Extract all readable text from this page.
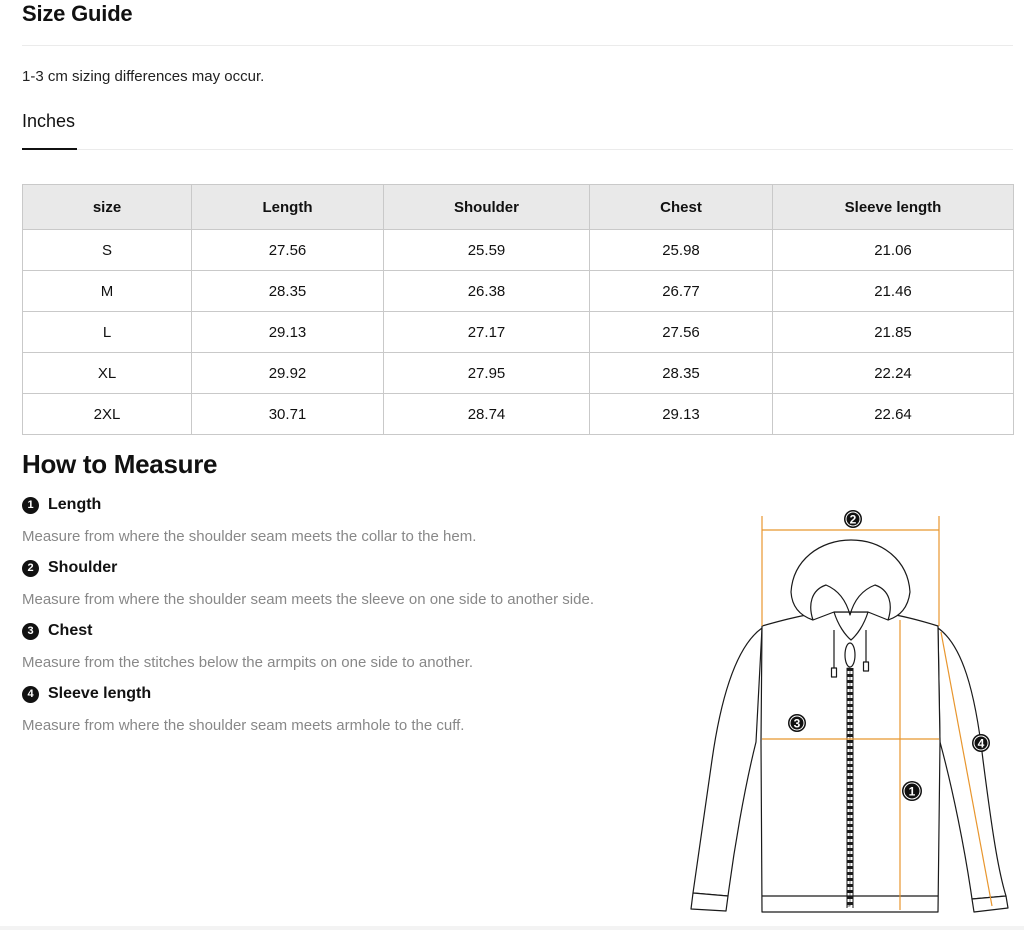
Size Guide
1-3 cm sizing differences may occur.
Inches
size	Length	Shoulder	Chest	Sleeve length
S	27.56	25.59	25.98	21.06
M	28.35	26.38	26.77	21.46
L	29.13	27.17	27.56	21.85
XL	29.92	27.95	28.35	22.24
2XL	30.71	28.74	29.13	22.64
How to Measure
1 Length
Measure from where the shoulder seam meets the collar to the hem.
2 Shoulder
Measure from where the shoulder seam meets the sleeve on one side to another side.
3 Chest
Measure from the stitches below the armpits on one side to another.
4 Sleeve length
Measure from where the shoulder seam meets armhole to the cuff.
2
3
1
4
